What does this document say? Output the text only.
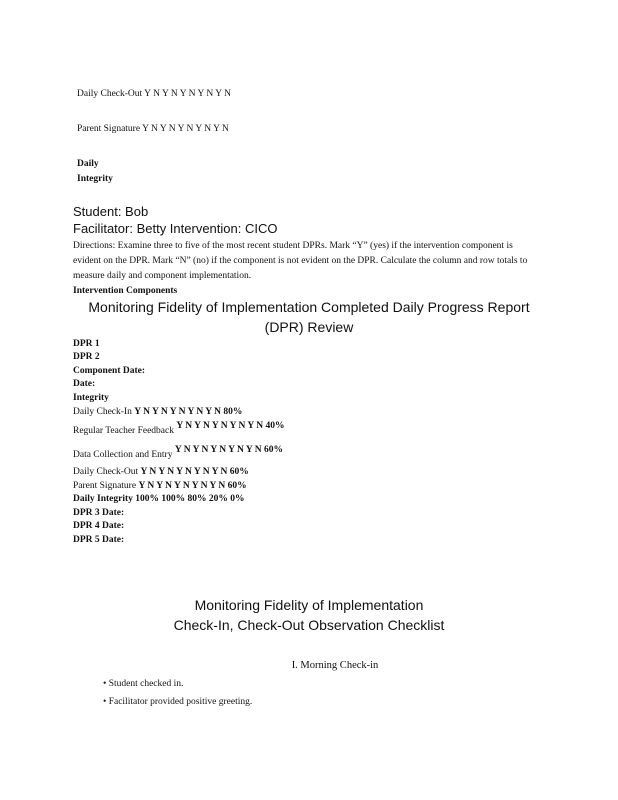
Daily Check-Out Y N Y N Y N Y N Y N
Parent Signature Y N Y N Y N Y N Y N
Daily
Integrity
Student: Bob
Facilitator: Betty Intervention: CICO
Directions: Examine three to five of the most recent student DPRs. Mark “Y” (yes) if the intervention component is evident on the DPR. Mark “N” (no) if the component is not evident on the DPR. Calculate the column and row totals to measure daily and component implementation.
Intervention Components
Monitoring Fidelity of Implementation Completed Daily Progress Report
(DPR) Review
DPR 1
DPR 2
Component Date:
Date:
Integrity
Daily Check-In Y N Y N Y N Y N Y N 80%
Regular Teacher Feedback Y N Y N Y N Y N Y N 40%
Data Collection and Entry Y N Y N Y N Y N Y N 60%
Daily Check-Out Y N Y N Y N Y N Y N 60%
Parent Signature Y N Y N Y N Y N Y N 60%
Daily Integrity 100% 100% 80% 20% 0%
DPR 3 Date:
DPR 4 Date:
DPR 5 Date:
Monitoring Fidelity of Implementation
Check-In, Check-Out Observation Checklist
I. Morning Check-in
• Student checked in.
• Facilitator provided positive greeting.
